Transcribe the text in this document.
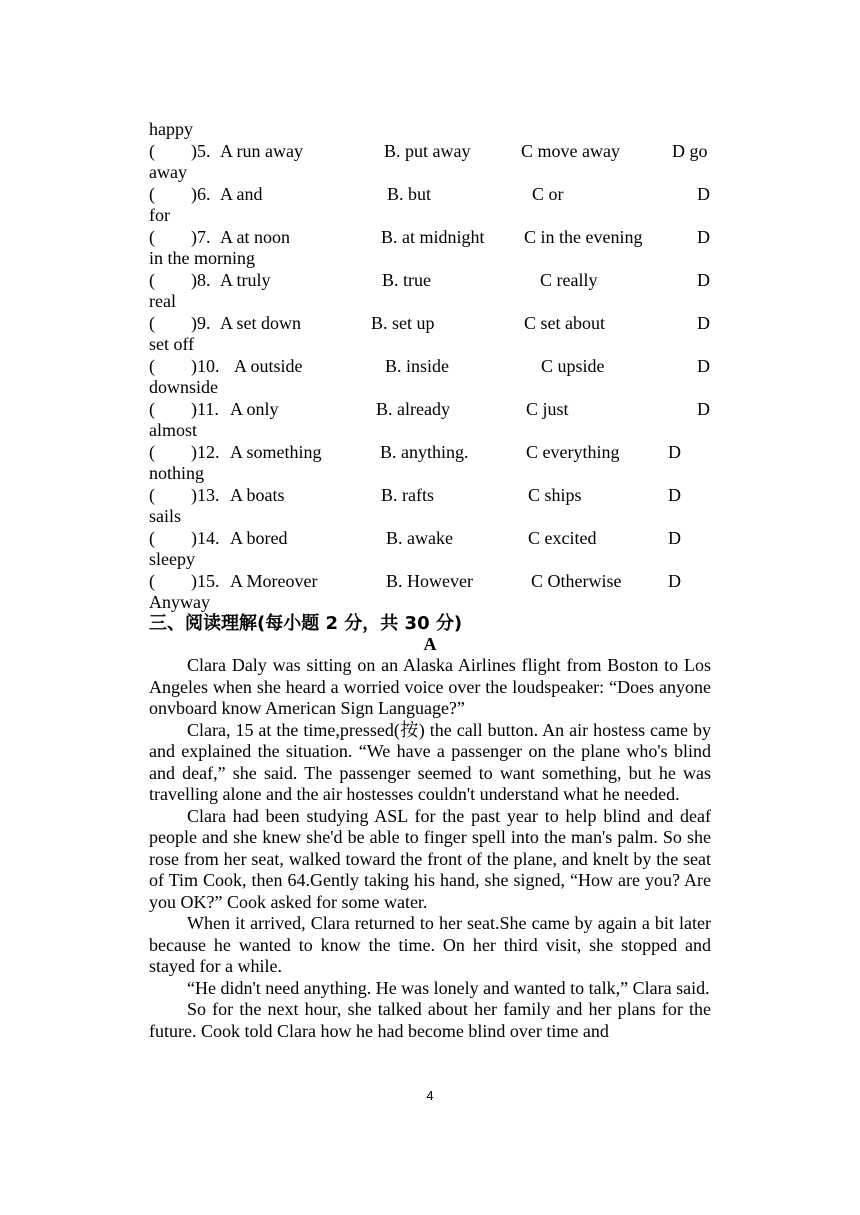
happy
(        )5. A run away	B. put away	C move away	D go
away
(        )6. A and	B. but	C or	D
for
(        )7. A at noon	B. at midnight C in the evening	D
in the morning
(        )8. A truly	B. true	C really	D
real
(        )9. A set down	B. set up	C set about	D
set off
(        )10. A outside	B. inside	C upside	D
downside
(        )11. A only	B. already	C just	D
almost
(        )12. A something	B. anything.	C everything	D
nothing
(        )13. A boats	B. rafts	C ships	D
sails
(        )14. A bored	B. awake	C excited	D
sleepy
(        )15. A Moreover	B. However	C Otherwise	D
Anyway
三、阅读理解(每小题 2 分，共 30 分)
A

Clara Daly was sitting on an Alaska Airlines flight from Boston to Los Angeles when she heard a worried voice over the loudspeaker: “Does anyone onvboard know American Sign Language?”

Clara, 15 at the time,pressed(按) the call button. An air hostess came by and explained the situation. “We have a passenger on the plane who's blind and deaf,” she said. The passenger seemed to want something, but he was travelling alone and the air hostesses couldn't understand what he needed.

Clara had been studying ASL for the past year to help blind and deaf people and she knew she'd be able to finger spell into the man's palm. So she rose from her seat, walked toward the front of the plane, and knelt by the seat of Tim Cook, then 64.Gently taking his hand, she signed, “How are you? Are you OK?” Cook asked for some water.

When it arrived, Clara returned to her seat.She came by again a bit later because he wanted to know the time. On her third visit, she stopped and stayed for a while.

“He didn't need anything. He was lonely and wanted to talk,” Clara said.

So for the next hour, she talked about her family and her plans for the future. Cook told Clara how he had become blind over time and

4
